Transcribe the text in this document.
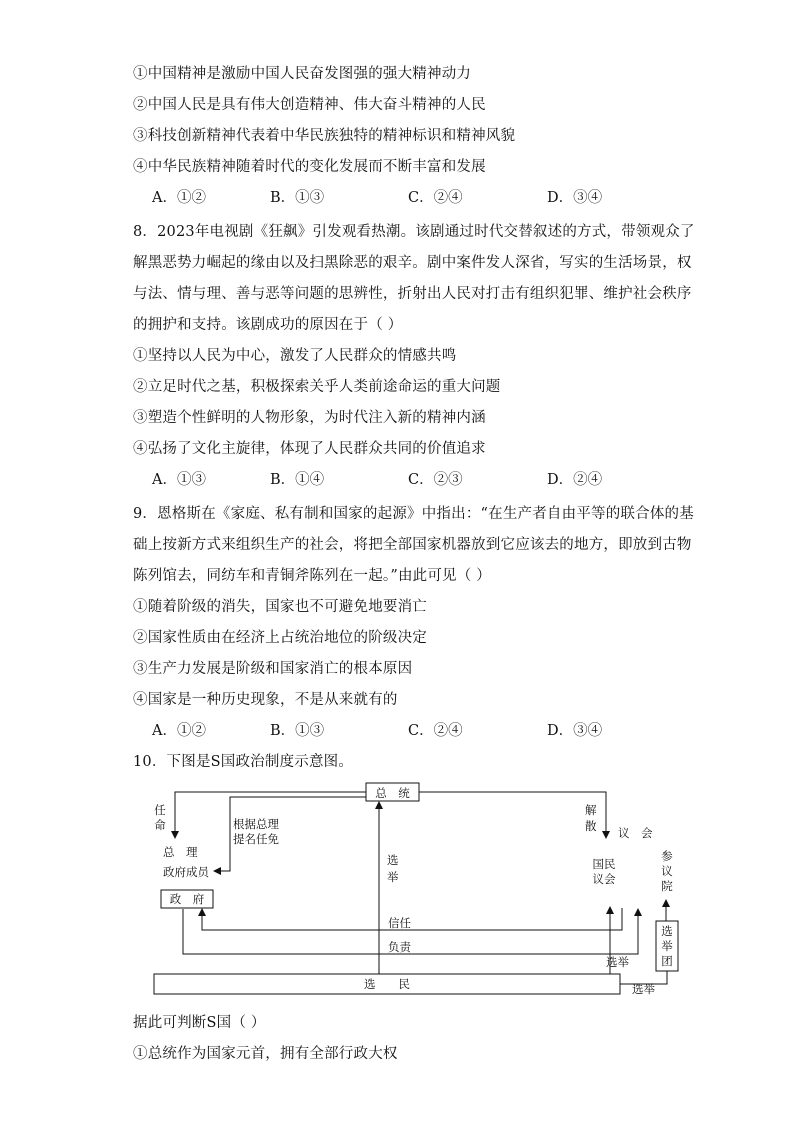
①中国精神是激励中国人民奋发图强的强大精神动力
②中国人民是具有伟大创造精神、伟大奋斗精神的人民
③科技创新精神代表着中华民族独特的精神标识和精神风貌
④中华民族精神随着时代的变化发展而不断丰富和发展
A．①②	B．①③	C．②④	D．③④
8．2023年电视剧《狂飙》引发观看热潮。该剧通过时代交替叙述的方式，带领观众了
解黑恶势力崛起的缘由以及扫黑除恶的艰辛。剧中案件发人深省，写实的生活场景，权
与法、情与理、善与恶等问题的思辨性，折射出人民对打击有组织犯罪、维护社会秩序
的拥护和支持。该剧成功的原因在于（ ）
①坚持以人民为中心，激发了人民群众的情感共鸣
②立足时代之基，积极探索关乎人类前途命运的重大问题
③塑造个性鲜明的人物形象，为时代注入新的精神内涵
④弘扬了文化主旋律，体现了人民群众共同的价值追求
A．①③	B．①④	C．②③	D．②④
9．恩格斯在《家庭、私有制和国家的起源》中指出：“在生产者自由平等的联合体的基
础上按新方式来组织生产的社会，将把全部国家机器放到它应该去的地方，即放到古物
陈列馆去，同纺车和青铜斧陈列在一起。”由此可见（ ）
①随着阶级的消失，国家也不可避免地要消亡
②国家性质由在经济上占统治地位的阶级决定
③生产力发展是阶级和国家消亡的根本原因
④国家是一种历史现象，不是从来就有的
A．①②	B．①③	C．②④	D．③④
10．下图是S国政治制度示意图。
总　统
任
命	根据总理
提名任免
总　理
政府成员
政　府
选
举
解
散 议　会
国民
议会
参
议
院
信任
负责
选
举
团
选举
选举
选　　民
据此可判断S国（ ）
①总统作为国家元首，拥有全部行政大权
